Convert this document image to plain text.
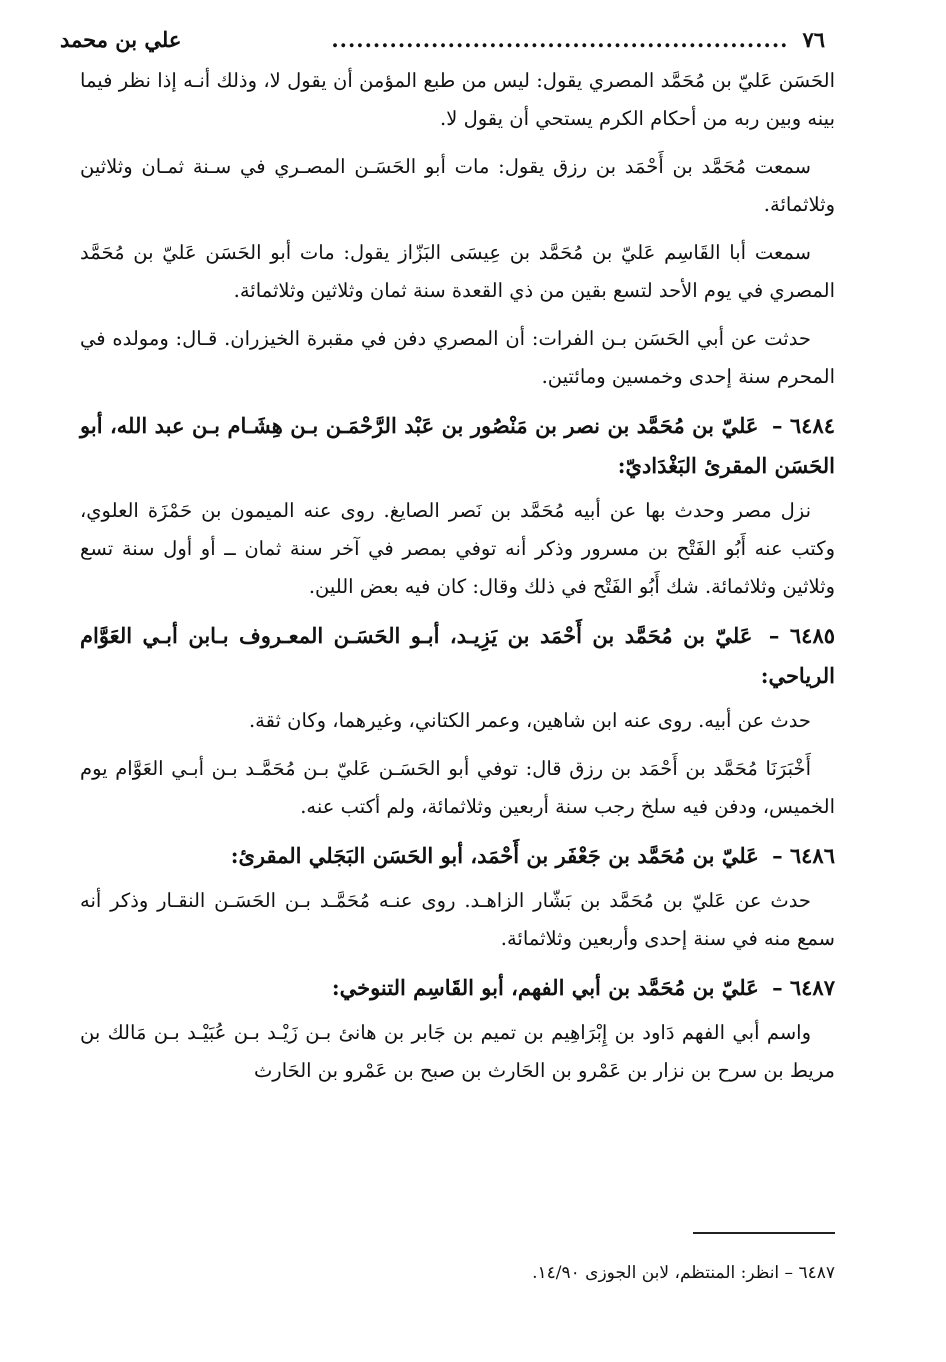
٧٦
.......................................................
علي بن محمد

الحَسَن عَليّ بن مُحَمَّد المصري يقول: ليس من طبع المؤمن أن يقول لا، وذلك أنـه إذا نظر فيما بينه وبين ربه من أحكام الكرم يستحي أن يقول لا.

سمعت مُحَمَّد بن أَحْمَد بن رزق يقول: مات أبو الحَسَـن المصـري في سـنة ثمـان وثلاثين وثلاثمائة.

سمعت أبا القَاسِم عَليّ بن مُحَمَّد بن عِيسَى البَزّاز يقول: مات أبو الحَسَن عَليّ بن مُحَمَّد المصري في يوم الأحد لتسع بقين من ذي القعدة سنة ثمان وثلاثين وثلاثمائة.

حدثت عن أبي الحَسَن بـن الفرات: أن المصري دفن في مقبرة الخيزران. قـال: ومولده في المحرم سنة إحدى وخمسين ومائتين.

٦٤٨٤ – عَليّ بن مُحَمَّد بن نصر بن مَنْصُور بن عَبْد الرَّحْمَـن بـن هِشَـام بـن عبد الله، أبو الحَسَن المقرئ البَغْدَاديّ:

نزل مصر وحدث بها عن أبيه مُحَمَّد بن نَصر الصايغ. روى عنه الميمون بن حَمْزَة العلوي، وكتب عنه أَبُو الفَتْح بن مسرور وذكر أنه توفي بمصر في آخر سنة ثمان ــ أو أول سنة تسع وثلاثين وثلاثمائة. شك أَبُو الفَتْح في ذلك وقال: كان فيه بعض اللين.

٦٤٨٥ – عَليّ بن مُحَمَّد بن أَحْمَد بن يَزِيـد، أبـو الحَسَـن المعـروف بـابن أبـي العَوَّام الرياحي:

حدث عن أبيه. روى عنه ابن شاهين، وعمر الكتاني، وغيرهما، وكان ثقة.

أَخْبَرَنَا مُحَمَّد بن أَحْمَد بن رزق قال: توفي أبو الحَسَـن عَليّ بـن مُحَمَّـد بـن أبـي العَوَّام يوم الخميس، ودفن فيه سلخ رجب سنة أربعين وثلاثمائة، ولم أكتب عنه.

٦٤٨٦ – عَليّ بن مُحَمَّد بن جَعْفَر بن أَحْمَد، أبو الحَسَن البَجَلي المقرئ:

حدث عن عَليّ بن مُحَمَّد بن بَشّار الزاهـد. روى عنـه مُحَمَّـد بـن الحَسَـن النقـار وذكر أنه سمع منه في سنة إحدى وأربعين وثلاثمائة.

٦٤٨٧ – عَليّ بن مُحَمَّد بن أبي الفهم، أبو القَاسِم التنوخي:

واسم أبي الفهم دَاود بن إِبْرَاهِيم بن تميم بن جَابر بن هانئ بـن زَيْـد بـن عُبَيْـد بـن مَالك بن مريط بن سرح بن نزار بن عَمْرو بن الحَارث بن صبح بن عَمْرو بن الحَارث

٦٤٨٧ – انظر: المنتظم، لابن الجوزى ١٤/٩٠.
